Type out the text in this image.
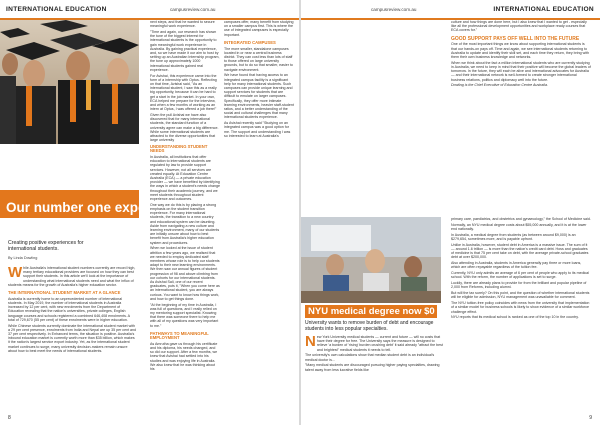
INTERNATIONAL EDUCATION	campusreview.com.au
Our number one export
Creating positive experiences for international students.
By Linda Dowling

While Australia's international student numbers currently are record high, many tertiary educational providers are focused on how they can best support their students. In this article we'll look at the importance of understanding what international students need and what the influx of students means for the growth of Australia's higher education sector.

THE INTERNATIONAL STUDENT MARKET AT A GLANCE

Australia is currently home to an unprecedented number of international students. In May 2019, the number of international students in Australia increased by 12 per cent, with new enrolments from the Department of Education revealing that the nation's universities, private colleges, English language courses and schools registered a combined 646,408 enrolments. A total of 729,670 (55 per cent) of these enrolments were in higher education.

While Chinese students currently dominate the international student market with a 29 per cent presence, enrolments from India and Nepal are up 35 per cent and 37 per cent respectively. In Enhanced terms, the situation is positive. Australia's inbound education market is currently worth more than $35 billion, which makes it the nation's largest service export industry. Yet, as the international student market continues to surge, many university decision-makers remain unsure about how to best meet the needs of international students.

UNDERSTANDING STUDENT NEEDS

In Australia, all institutions that offer education to international students are regulated by law to provide support services. However, not all services are created equally. At Education Centre Australia (ECA) — a private education provider — we have benefited by identifying the ways in which a student's needs change throughout their academic journey, and we meet students throughout student experience and outcomes.

One way we do this is by placing a strong emphasis on the student transition experience. For many international students, the transition to a new country and educational system can be daunting. Aside from navigating a new culture and learning environment, many of our students are initially unsure about how to best benefit from Australia's higher education system and procedures.

When we looked at the issue of student attrition a few years ago, we realised that we needed to employ dedicated staff members whose role is to help our students adapt to their new learning environments. We then saw our annual figures of student progression of 98 and above climbing from our cohorts for our international students. As Avishai Sali, one of our recent graduates, puts it, "When you come here as an international student, you are always curious. You want to know how things work, and how to get things done.

"At the beginning of my time in Australia, I was full of questions, and I really relied on my mentoring support specialist. Knowing that there was someone there to help me with all of my questions was very important to me."

PATHWAYS TO MEANINGFUL EMPLOYMENT

As Amrutha gave us through his certificate and his diploma, his needs changed, and so did our support. After a few months, we knew that Avishai had settled into his studies and was enjoying life in Australia. We also knew that he was thinking about his

next steps, and that he wanted to secure meaningful work experience.

"Time and again, our research has shown the tune of the biggest interest for international students is the opportunity to gain meaningful work experience in Australia. By gaining practical experience, and, so we have made it our aim to host by setting up an Australian Internship program, the tune up approximately 1000 international students gained real experience.

For Avishai, this experience came into the form of a internship with Optus. Reflecting on that time, Avishai said, "As an international student, I saw this as a really big opportunity, because it can be hard to get a start in the job market. In your own, ECA helped me prepare for the interview, and when a few months of working as an intern at Optus, I was offered a job there!"

Given the pull Avishai we have also discovered that for many international students, the standard function of a university agree can make a big difference. While some international students are attracted to the diverse opportunities that large university

campuses offer, many benefit from studying on a smaller campus first. This is where the use of integrated campuses is especially important.

INTEGRATED CAMPUSES

The more smaller, standalone campuses located in or near a central business district. They can cost less than lots of staff to those offered on large university grounds, but to do so that smaller, easier to navigate environment.

We have found that having access to an integrated campus facility is a significant help for many international students. Such campuses can provide unique learning and support services for students that are difficult to emulate on larger campuses. Specifically, they offer more intimate learning environments, heavier staff-student ratios, and a better understanding of the social and cultural challenges that many international students experience.

As Avishai recently said "Studying on an integrated campus was a good option for me. The support and understanding I was so interested to learn at Australia's

8
campusreview.com.au	INTERNATIONAL EDUCATION

culture and how things are done here, but I also knew that I wanted to get - especially like all the professional development opportunities and workplace ready courses that ECA covers for."

GOOD SUPPORT PAYS OFF WELL INTO THE FUTURE

One of the most important things we know about supporting international students is that our hands-on pays off. Time and again, we see international students returning to Australia to update and identify their skill set, and each time they return, they bring with them their own business knowledge and networks.

When we think about the fact a million international students who are currently studying in Australia, we need to keep in mind that their positive will become the global leaders of tomorrow. In the future, they will each be alive and international advocates for Australia — and their international network is well-formed to create stronger international business relations, politics and diplomacy well into the future.

Dowling is the Chief Executive of Education Centre Australia.

NYU medical degree now $0
University wants to remove burden of debt and encourage students into less popular specialties.

New York University medical students — current and future — will no costs that have their degree for free. The University says the measure is designed to relieve 'a burden of 'rising' burden crushing debt' it said already "attract the best and brightest" medical students it needs to tell.

The university's own calculations show that median student debt is an individual's medical doctor is...

"Many medical students are discouraged pursuing higher paying specialties, drawing talent away from less lucrative fields like

primary care, paediatrics, and obstetrics and gynaecology," the School of Medicine said.

Normally, an NYU medical degree costs about $55,000 annually, and it is at the lower end nationally.

In Australia, a medical degree from students (as between around $9,000) is an $279,654, sometimes more, and is payable upfront.

Unlike in Australia, however, student debt in America is a massive issue. The sum of it — around 1.6 trillion — is more than the nation's credit card debt. Hoss and graduates of medicine is that 75 per cent take on debt, with the average private-school graduates debt at over $200,000.

Also attending in Australia, students in America generally pay three or more loans, which are often repayable regardless of the tuition fee.

Currently, NYU only admits an average of 6 per cent of people who apply to its medical school. With the reform, the number of applications is set to surge.

Luckily, there are already plans to provide for from the brilliant and popular pipeline of 2,000 from Reforms, including alumni.

But will the tax surely? On this point, and the question of whether international students will be eligible for admission, NYU management was unavailable for comment.

The NYU tuition-free policy coincides with news from the university that implementation of a similar model for business schools is likely to show evidence of a similar workforce challenge effect.

NYU reports that its medical school is ranked as one of the top 10 in the country.

9
